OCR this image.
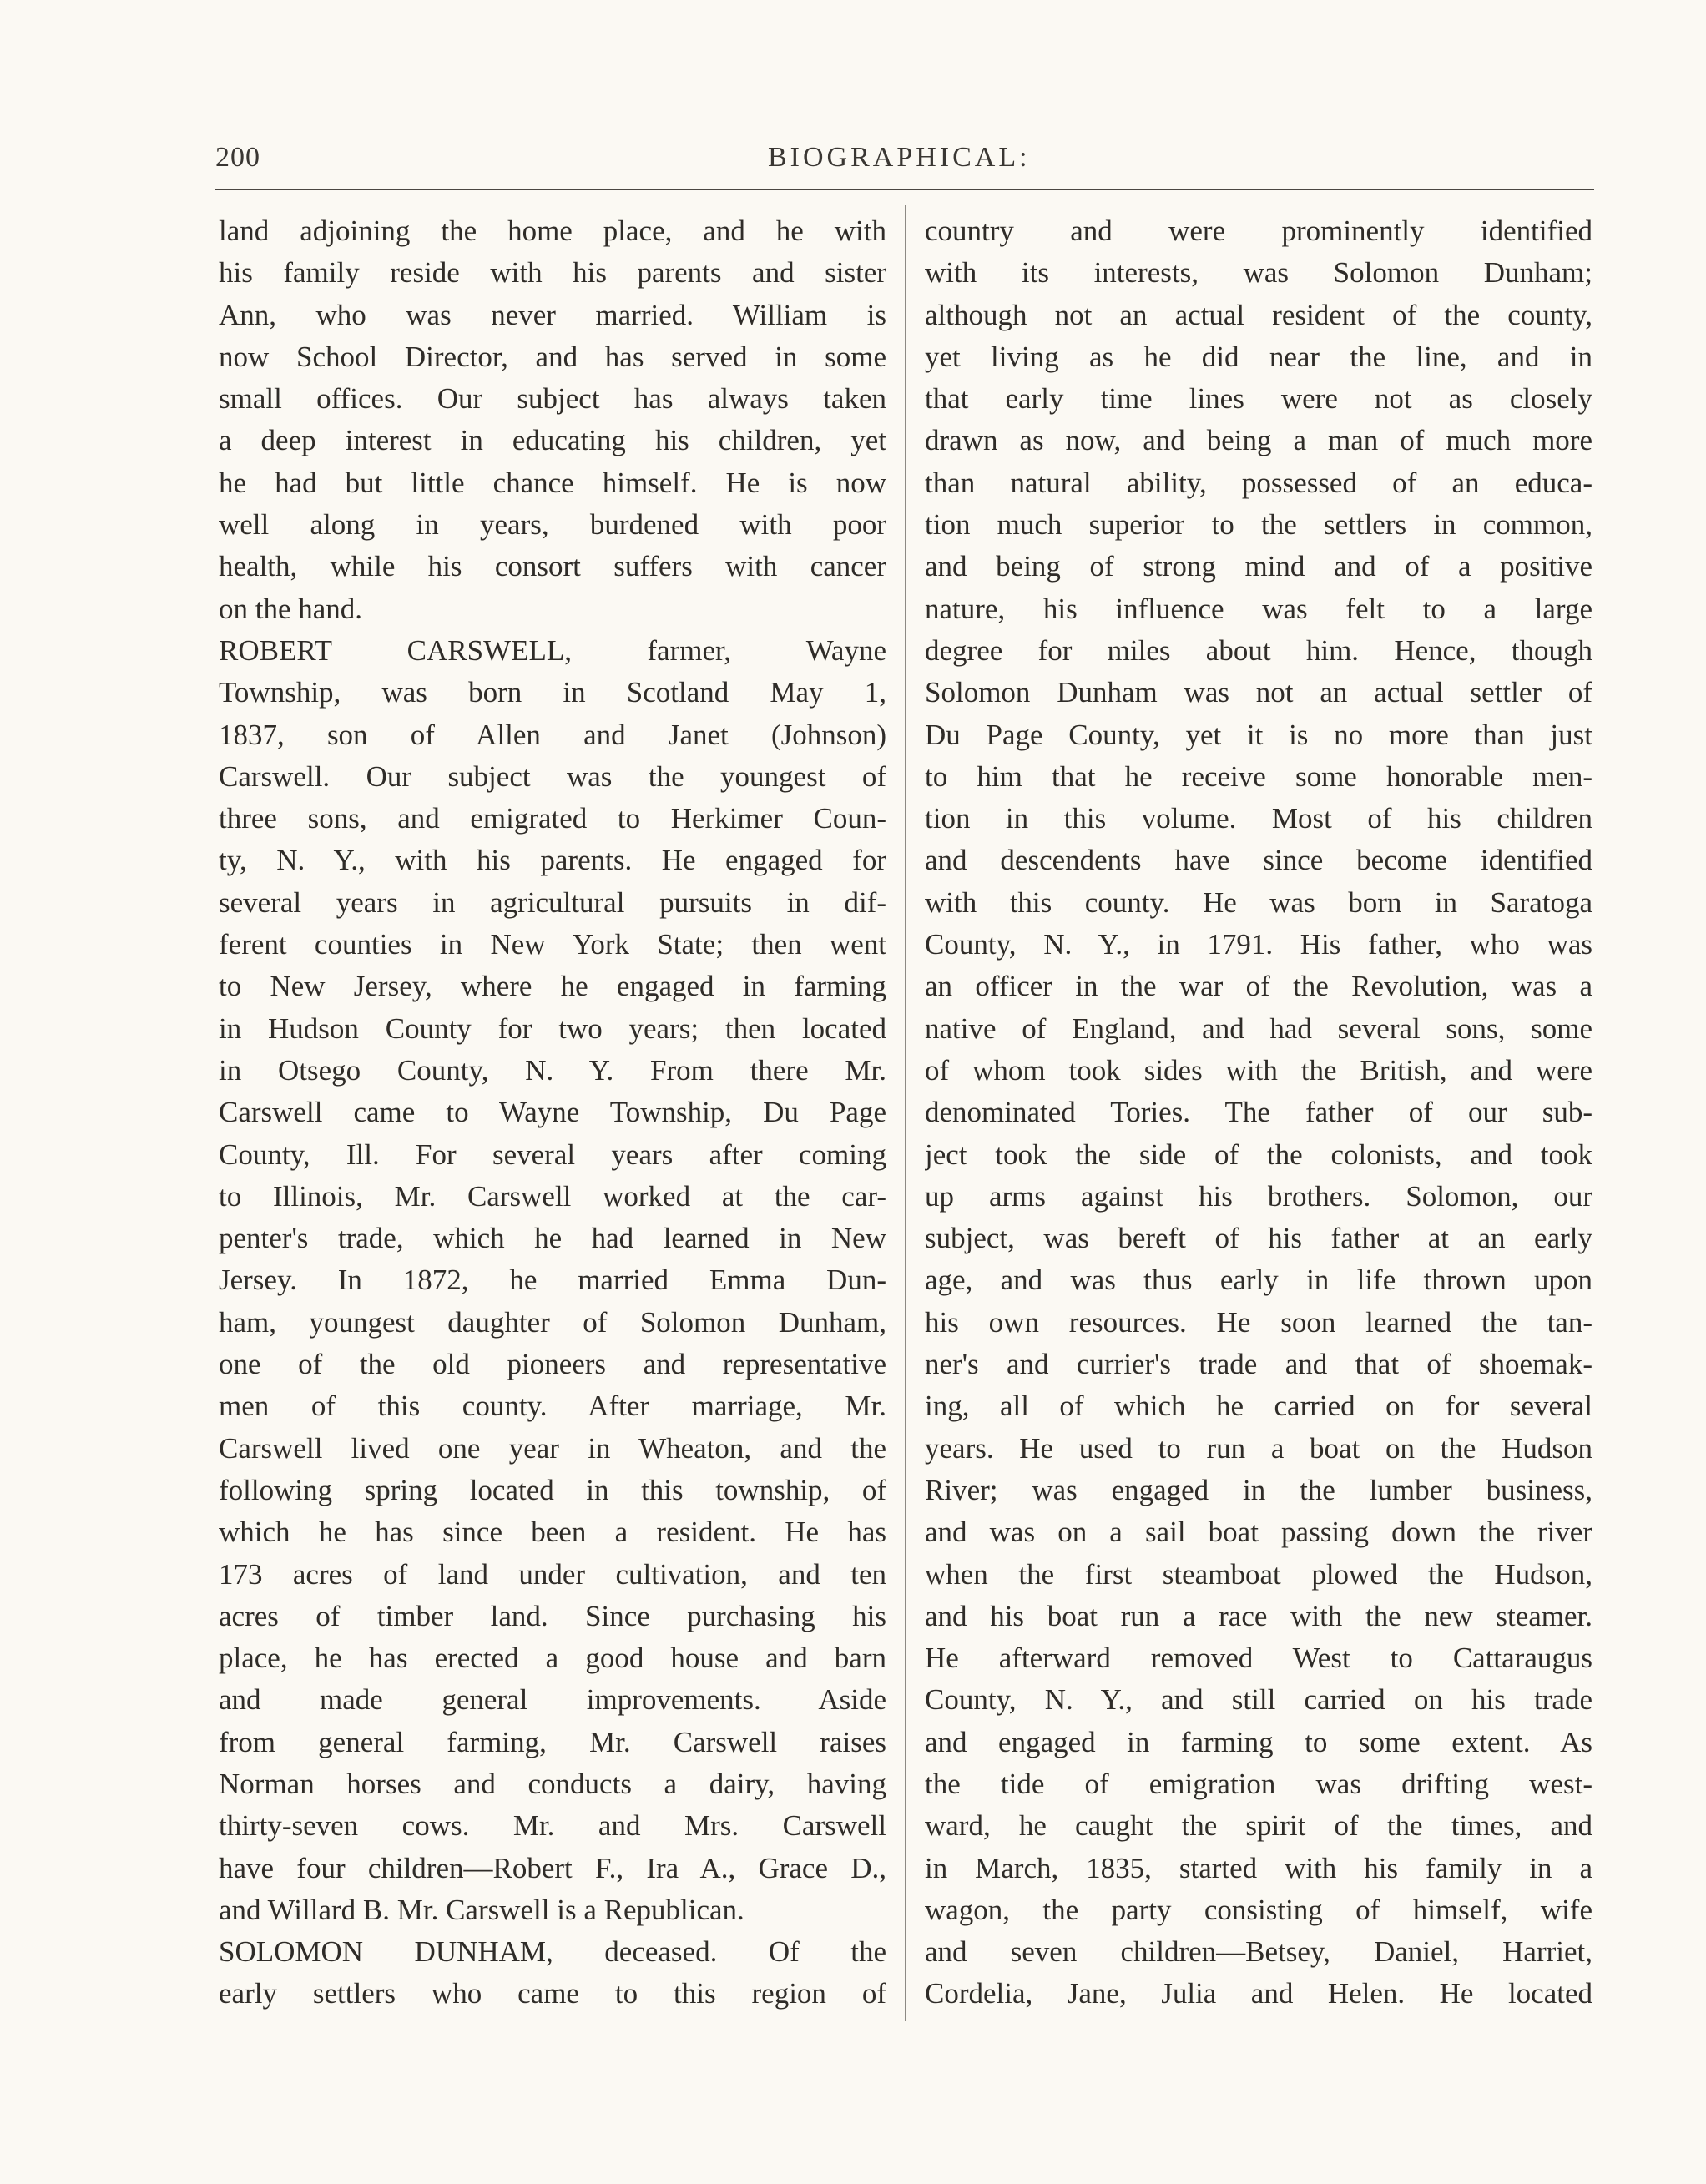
200	BIOGRAPHICAL:
land adjoining the home place, and he with
his family reside with his parents and sister
Ann, who was never married. William is
now School Director, and has served in some
small offices. Our subject has always taken
a deep interest in educating his children, yet
he had but little chance himself. He is now
well along in years, burdened with poor
health, while his consort suffers with cancer
on the hand.
ROBERT CARSWELL, farmer, Wayne
Township, was born in Scotland May 1,
1837, son of Allen and Janet (Johnson)
Carswell. Our subject was the youngest of
three sons, and emigrated to Herkimer Coun-
ty, N. Y., with his parents. He engaged for
several years in agricultural pursuits in dif-
ferent counties in New York State; then went
to New Jersey, where he engaged in farming
in Hudson County for two years; then located
in Otsego County, N. Y. From there Mr.
Carswell came to Wayne Township, Du Page
County, Ill. For several years after coming
to Illinois, Mr. Carswell worked at the car-
penter's trade, which he had learned in New
Jersey. In 1872, he married Emma Dun-
ham, youngest daughter of Solomon Dunham,
one of the old pioneers and representative
men of this county. After marriage, Mr.
Carswell lived one year in Wheaton, and the
following spring located in this township, of
which he has since been a resident. He has
173 acres of land under cultivation, and ten
acres of timber land. Since purchasing his
place, he has erected a good house and barn
and made general improvements. Aside
from general farming, Mr. Carswell raises
Norman horses and conducts a dairy, having
thirty-seven cows. Mr. and Mrs. Carswell
have four children—Robert F., Ira A., Grace D.,
and Willard B. Mr. Carswell is a Republican.
SOLOMON DUNHAM, deceased. Of the
early settlers who came to this region of
country and were prominently identified
with its interests, was Solomon Dunham;
although not an actual resident of the county,
yet living as he did near the line, and in
that early time lines were not as closely
drawn as now, and being a man of much more
than natural ability, possessed of an educa-
tion much superior to the settlers in common,
and being of strong mind and of a positive
nature, his influence was felt to a large
degree for miles about him. Hence, though
Solomon Dunham was not an actual settler of
Du Page County, yet it is no more than just
to him that he receive some honorable men-
tion in this volume. Most of his children
and descendents have since become identified
with this county. He was born in Saratoga
County, N. Y., in 1791. His father, who was
an officer in the war of the Revolution, was a
native of England, and had several sons, some
of whom took sides with the British, and were
denominated Tories. The father of our sub-
ject took the side of the colonists, and took
up arms against his brothers. Solomon, our
subject, was bereft of his father at an early
age, and was thus early in life thrown upon
his own resources. He soon learned the tan-
ner's and currier's trade and that of shoemak-
ing, all of which he carried on for several
years. He used to run a boat on the Hudson
River; was engaged in the lumber business,
and was on a sail boat passing down the river
when the first steamboat plowed the Hudson,
and his boat run a race with the new steamer.
He afterward removed West to Cattaraugus
County, N. Y., and still carried on his trade
and engaged in farming to some extent. As
the tide of emigration was drifting west-
ward, he caught the spirit of the times, and
in March, 1835, started with his family in a
wagon, the party consisting of himself, wife
and seven children—Betsey, Daniel, Harriet,
Cordelia, Jane, Julia and Helen. He located
